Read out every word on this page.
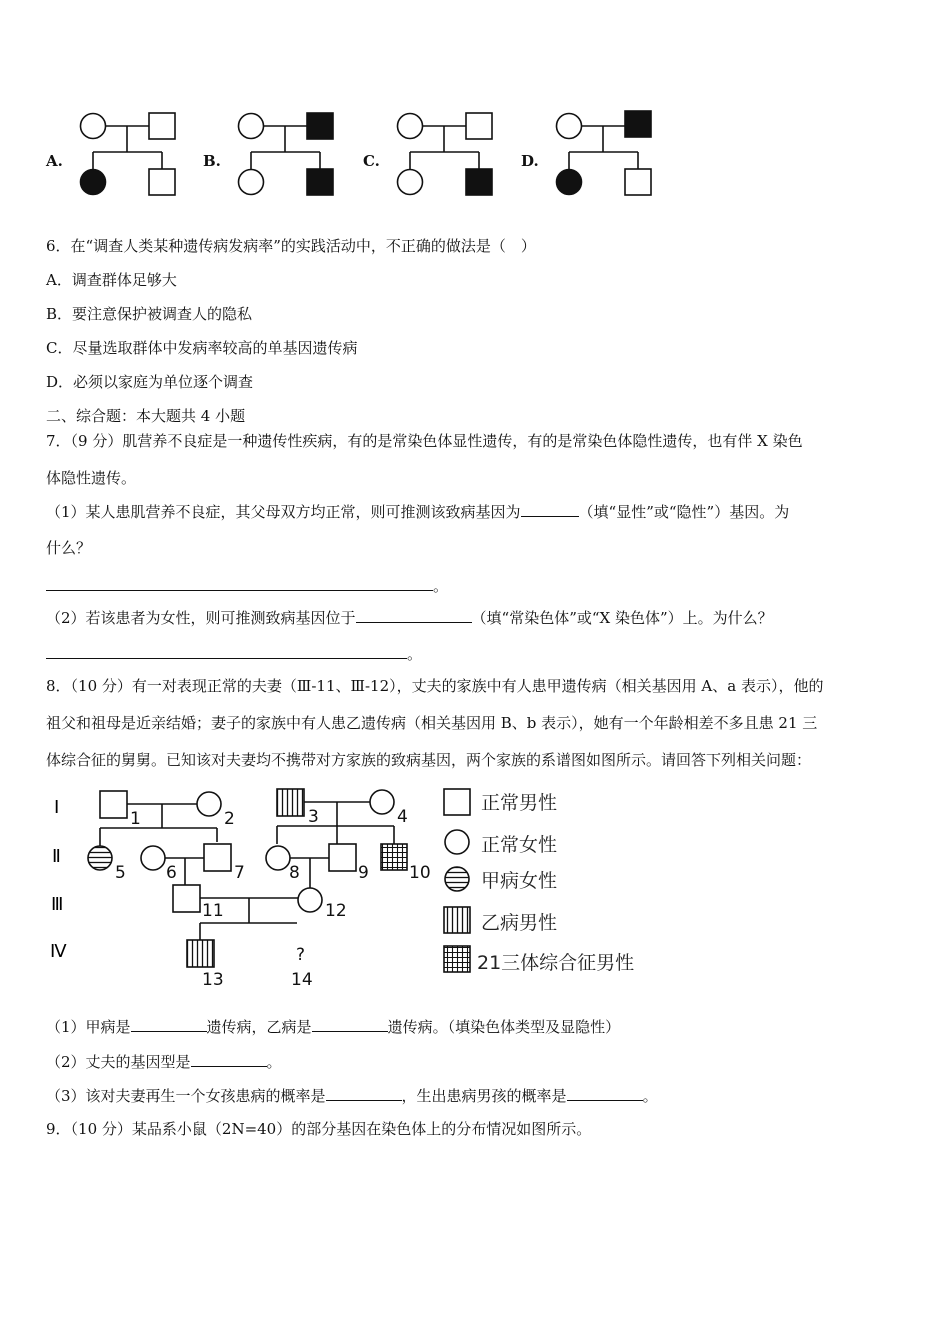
A.	B.	C.	D.
6．在“调查人类某种遗传病发病率”的实践活动中，不正确的做法是（　）
A．调查群体足够大
B．要注意保护被调查人的隐私
C．尽量选取群体中发病率较高的单基因遗传病
D．必须以家庭为单位逐个调查
二、综合题：本大题共 4 小题
7．（9 分）肌营养不良症是一种遗传性疾病，有的是常染色体显性遗传，有的是常染色体隐性遗传，也有伴 X 染色
体隐性遗传。
（1）某人患肌营养不良症，其父母双方均正常，则可推测该致病基因为	（填“显性”或“隐性”）基因。为
什么？
。
（2）若该患者为女性，则可推测致病基因位于	（填“常染色体”或“X 染色体”）上。为什么？
。
8．（10 分）有一对表现正常的夫妻（Ⅲ-11、Ⅲ-12），丈夫的家族中有人患甲遗传病（相关基因用 A、a 表示），他的
祖父和祖母是近亲结婚；妻子的家族中有人患乙遗传病（相关基因用 B、b 表示），她有一个年龄相差不多且患 21 三
体综合征的舅舅。已知该对夫妻均不携带对方家族的致病基因，两个家族的系谱图如图所示。请回答下列相关问题：
Ⅰ
Ⅱ
Ⅲ
Ⅳ
1	2	3	4
5 6	7	8	9 10
11	12
?
13	14
正常男性
正常女性
甲病女性
乙病男性
21三体综合征男性
（1）甲病是	遗传病，乙病是	遗传病。（填染色体类型及显隐性）
（2）丈夫的基因型是	。
（3）该对夫妻再生一个女孩患病的概率是	，生出患病男孩的概率是	。
9．（10 分）某品系小鼠（2N=40）的部分基因在染色体上的分布情况如图所示。
